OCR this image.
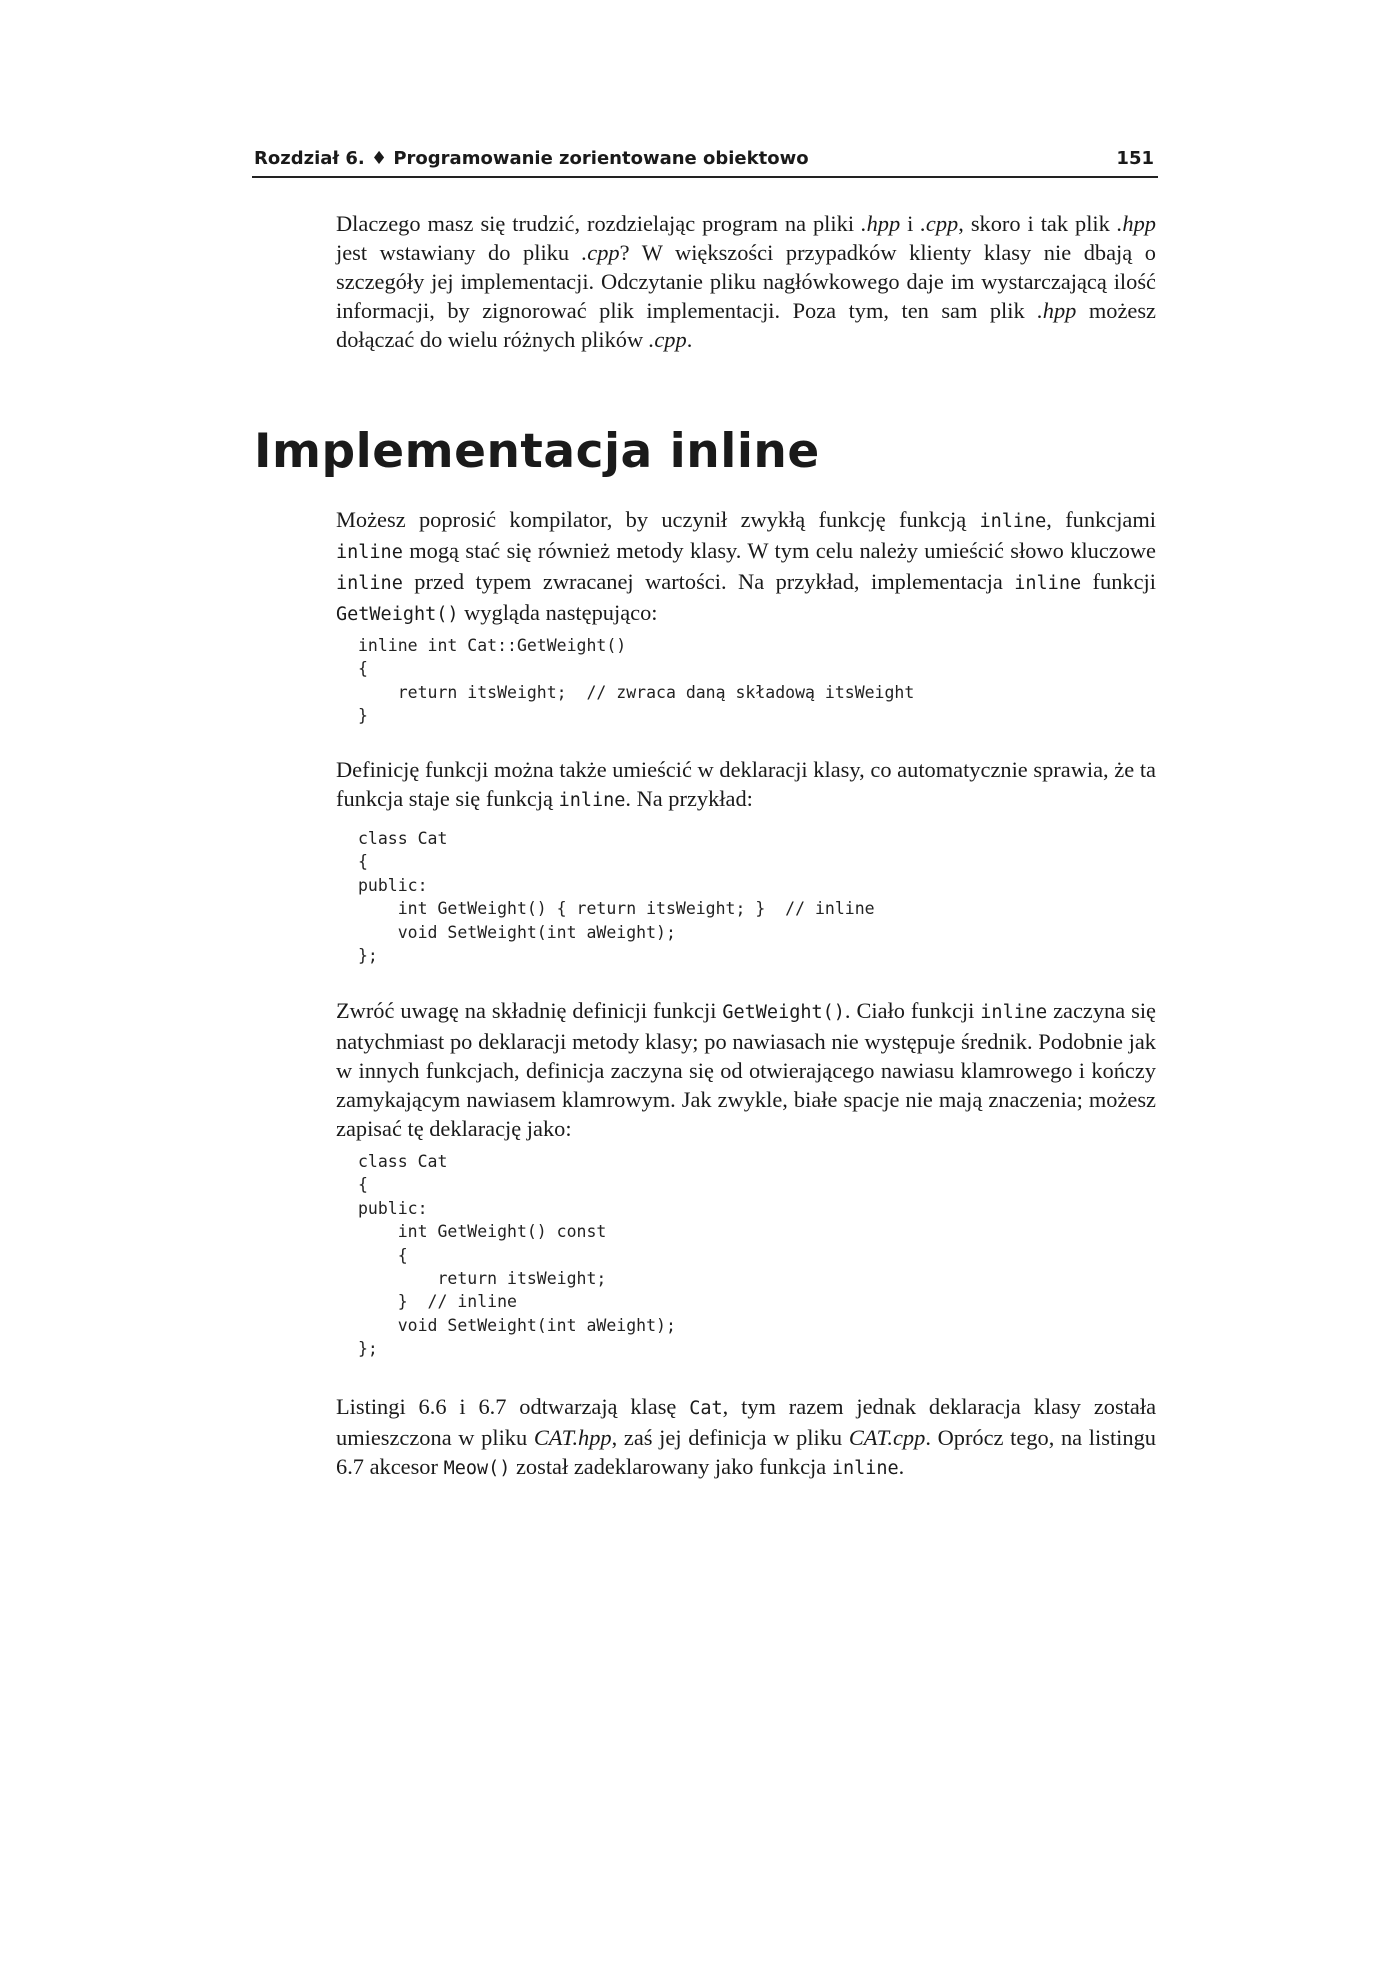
Rozdział 6. ♦ Programowanie zorientowane obiektowo	151

Dlaczego masz się trudzić, rozdzielając program na pliki .hpp i .cpp, skoro i tak plik .hpp jest wstawiany do pliku .cpp? W większości przypadków klienty klasy nie dbają o szczegóły jej implementacji. Odczytanie pliku nagłówkowego daje im wystarczającą ilość informacji, by zignorować plik implementacji. Poza tym, ten sam plik .hpp możesz dołączać do wielu różnych plików .cpp.

Implementacja inline

Możesz poprosić kompilator, by uczynił zwykłą funkcję funkcją inline, funkcjami inline mogą stać się również metody klasy. W tym celu należy umieścić słowo kluczowe inline przed typem zwracanej wartości. Na przykład, implementacja inline funkcji GetWeight() wygląda następująco:

inline int Cat::GetWeight()
{
return itsWeight;  // zwraca daną składową itsWeight
}

Definicję funkcji można także umieścić w deklaracji klasy, co automatycznie sprawia, że ta funkcja staje się funkcją inline. Na przykład:

class Cat
{
public:
int GetWeight() { return itsWeight; }  // inline
void SetWeight(int aWeight);
};

Zwróć uwagę na składnię definicji funkcji GetWeight(). Ciało funkcji inline zaczyna się natychmiast po deklaracji metody klasy; po nawiasach nie występuje średnik. Podobnie jak w innych funkcjach, definicja zaczyna się od otwierającego nawiasu klamrowego i kończy zamykającym nawiasem klamrowym. Jak zwykle, białe spacje nie mają znaczenia; możesz zapisać tę deklarację jako:

class Cat
{
public:
int GetWeight() const
{
return itsWeight;
}  // inline
void SetWeight(int aWeight);
};

Listingi 6.6 i 6.7 odtwarzają klasę Cat, tym razem jednak deklaracja klasy została umieszczona w pliku CAT.hpp, zaś jej definicja w pliku CAT.cpp. Oprócz tego, na listingu 6.7 akcesor Meow() został zadeklarowany jako funkcja inline.
